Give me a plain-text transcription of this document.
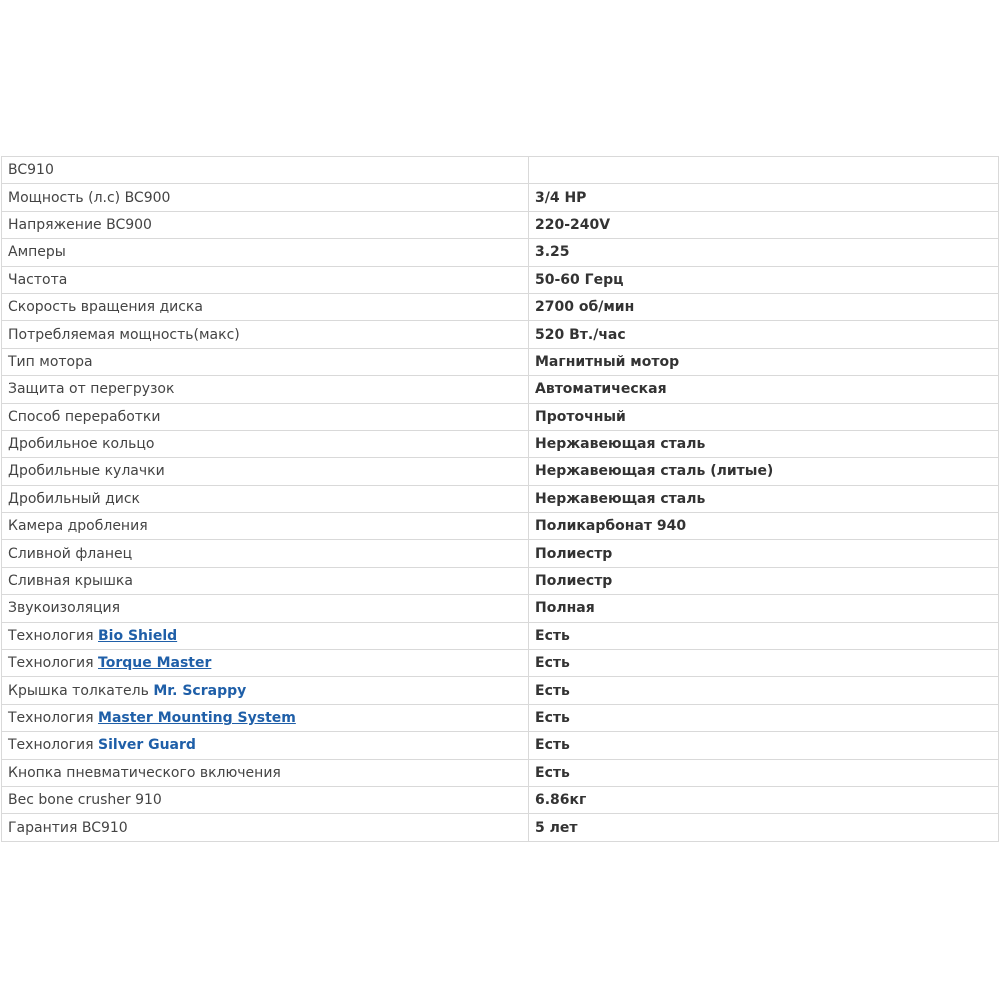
BC910	
Мощность (л.с) BC900	3/4 HP
Напряжение BC900	220-240V
Амперы	3.25
Частота	50-60 Герц
Скорость вращения диска	2700 об/мин
Потребляемая мощность(макс)	520 Вт./час
Тип мотора	Магнитный мотор
Защита от перегрузок	Автоматическая
Способ переработки	Проточный
Дробильное кольцо	Нержавеющая сталь
Дробильные кулачки	Нержавеющая сталь (литые)
Дробильный диск	Нержавеющая сталь
Камера дробления	Поликарбонат 940
Сливной фланец	Полиестр
Сливная крышка	Полиестр
Звукоизоляция	Полная
Технология Bio Shield	Есть
Технология Torque Master	Есть
Крышка толкатель Mr. Scrappy	Есть
Технология Master Mounting System	Есть
Технология Silver Guard	Есть
Кнопка пневматического включения	Есть
Вес bone crusher 910	6.86кг
Гарантия BC910	5 лет
